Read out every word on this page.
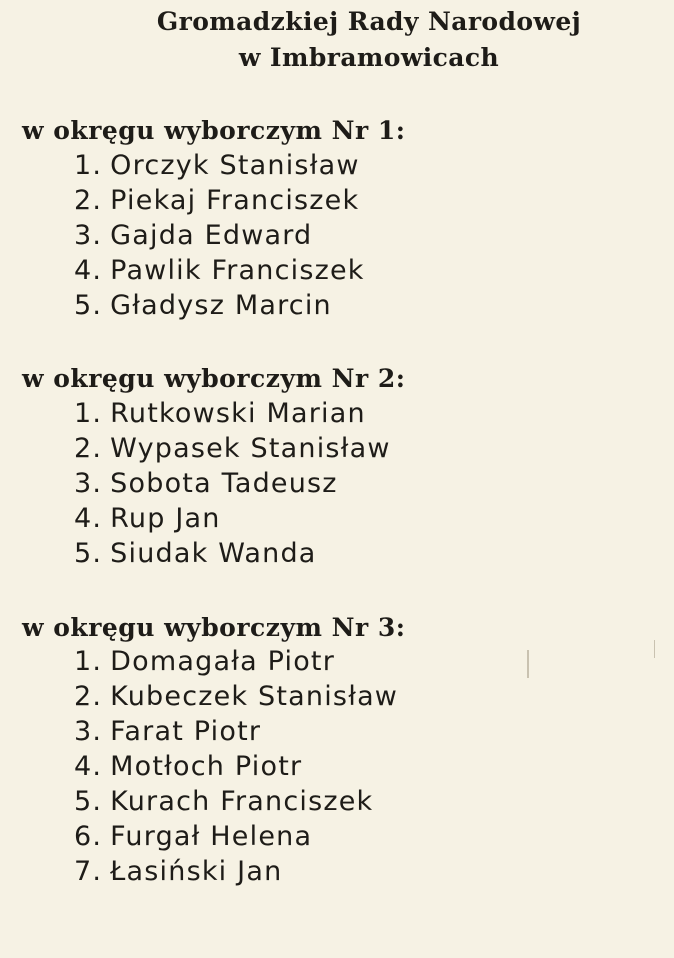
Gromadzkiej Rady Narodowej
w Imbramowicach
w okręgu wyborczym Nr 1:
1. Orczyk Stanisław
2. Piekaj Franciszek
3. Gajda Edward
4. Pawlik Franciszek
5. Gładysz Marcin
w okręgu wyborczym Nr 2:
1. Rutkowski Marian
2. Wypasek Stanisław
3. Sobota Tadeusz
4. Rup Jan
5. Siudak Wanda
w okręgu wyborczym Nr 3:
1. Domagała Piotr
2. Kubeczek Stanisław
3. Farat Piotr
4. Motłoch Piotr
5. Kurach Franciszek
6. Furgał Helena
7. Łasiński Jan
